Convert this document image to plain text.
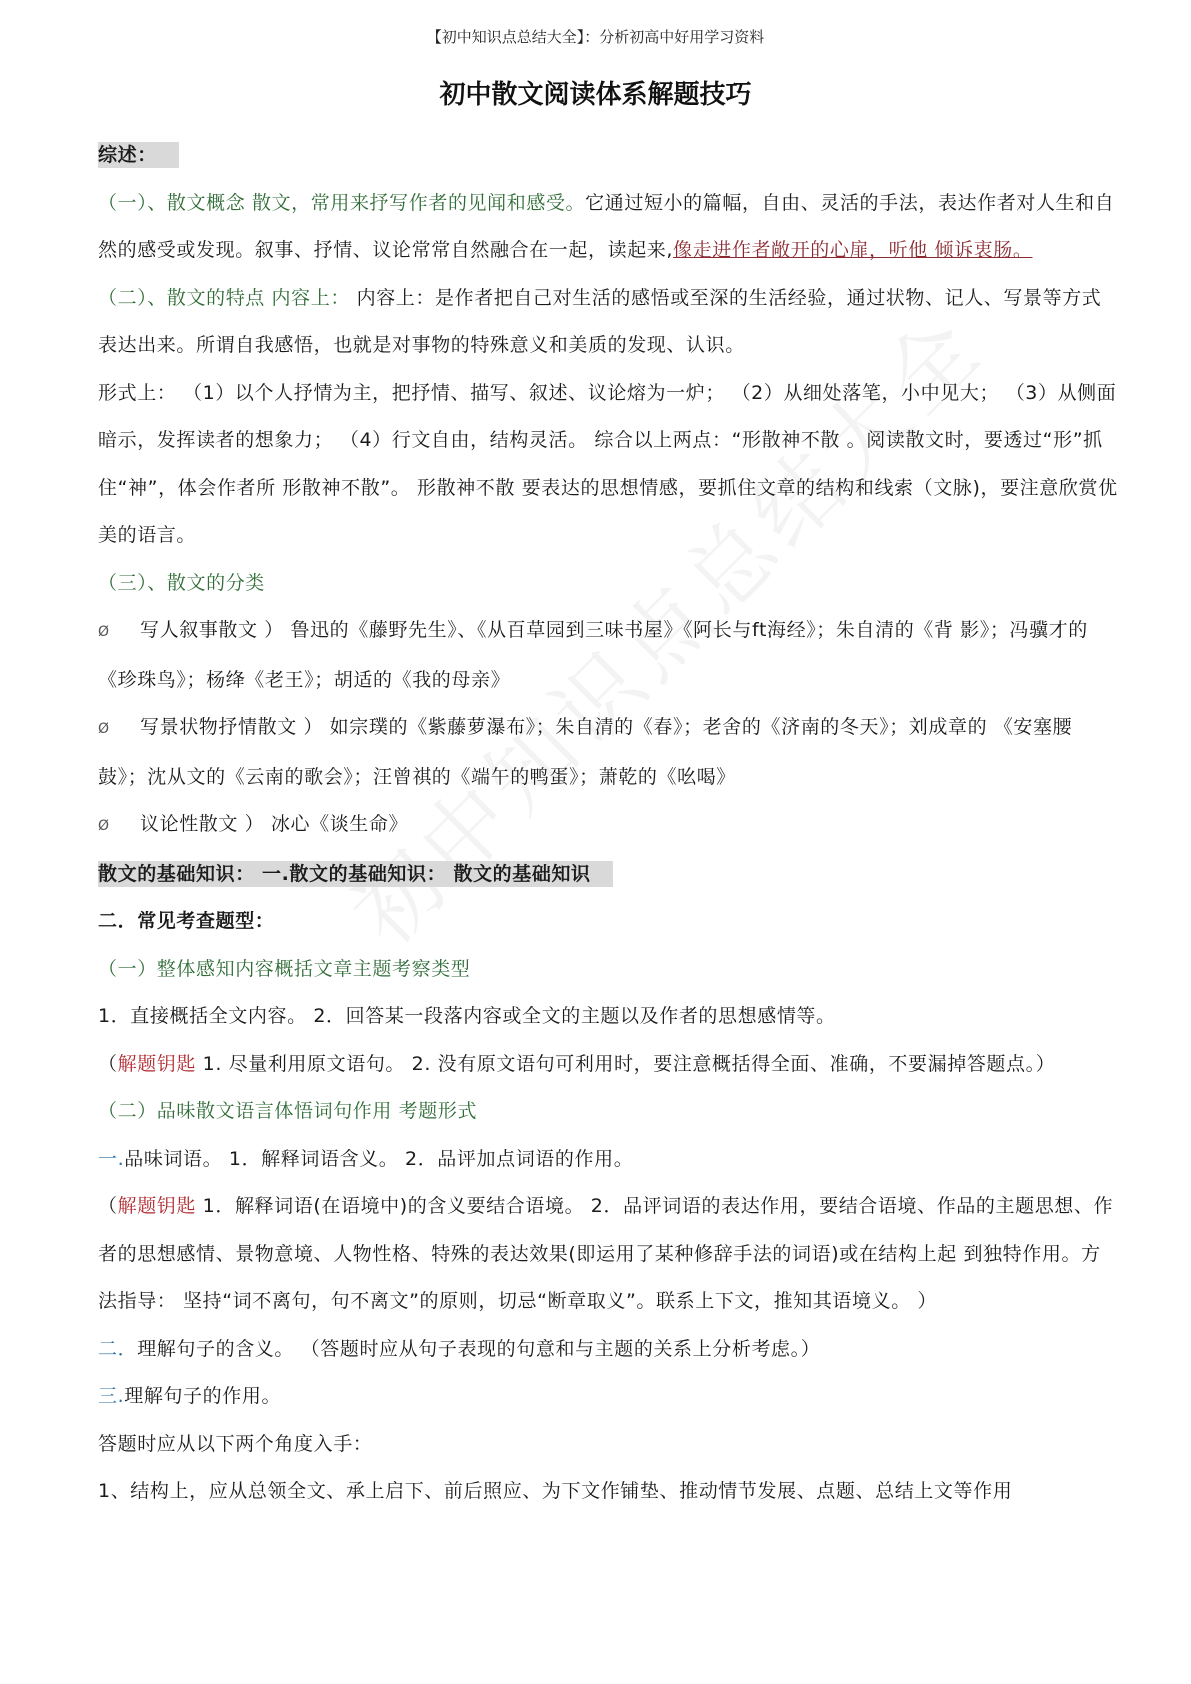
【初中知识点总结大全】：分析初高中好用学习资料
初中散文阅读体系解题技巧

综述：

（一）、散文概念 散文，常用来抒写作者的见闻和感受。它通过短小的篇幅，自由、灵活的手法，表达作者对人生和自然的感受或发现。叙事、抒情、议论常常自然融合在一起，读起来,像走进作者敞开的心扉，听他 倾诉衷肠。

（二）、散文的特点 内容上： 内容上：是作者把自己对生活的感悟或至深的生活经验，通过状物、记人、写景等方式表达出来。所谓自我感悟，也就是对事物的特殊意义和美质的发现、认识。

形式上： （1）以个人抒情为主，把抒情、描写、叙述、议论熔为一炉； （2）从细处落笔，小中见大； （3）从侧面暗示，发挥读者的想象力； （4）行文自由，结构灵活。 综合以上两点：“形散神不散 。阅读散文时，要透过“形”抓住“神”，体会作者所 形散神不散”。 形散神不散 要表达的思想情感，要抓住文章的结构和线索（文脉)，要注意欣赏优美的语言。

（三）、散文的分类

Ø 写人叙事散文 ） 鲁迅的《藤野先生》、《从百草园到三味书屋》《阿长与ft海经》；朱自清的《背 影》；冯骥才的《珍珠鸟》；杨绛《老王》；胡适的《我的母亲》

Ø 写景状物抒情散文 ） 如宗璞的《紫藤萝瀑布》；朱自清的《春》；老舍的《济南的冬天》；刘成章的 《安塞腰鼓》；沈从文的《云南的歌会》；汪曾祺的《端午的鸭蛋》；萧乾的《吆喝》

Ø 议论性散文 ） 冰心《谈生命》

散文的基础知识： 一.散文的基础知识： 散文的基础知识

二．常见考查题型：

（一）整体感知内容概括文章主题考察类型

1．直接概括全文内容。 2．回答某一段落内容或全文的主题以及作者的思想感情等。

（解题钥匙 1. 尽量利用原文语句。 2. 没有原文语句可利用时，要注意概括得全面、准确，不要漏掉答题点。）

（二）品味散文语言体悟词句作用 考题形式

一.品味词语。 1．解释词语含义。 2．品评加点词语的作用。

（解题钥匙 1．解释词语(在语境中)的含义要结合语境。 2．品评词语的表达作用，要结合语境、作品的主题思想、作者的思想感情、景物意境、人物性格、特殊的表达效果(即运用了某种修辞手法的词语)或在结构上起 到独特作用。方法指导： 坚持“词不离句，句不离文”的原则，切忌“断章取义”。联系上下文，推知其语境义。 ）

二．理解句子的含义。 （答题时应从句子表现的句意和与主题的关系上分析考虑。）

三.理解句子的作用。

答题时应从以下两个角度入手：

1、结构上，应从总领全文、承上启下、前后照应、为下文作铺垫、推动情节发展、点题、总结上文等作用
